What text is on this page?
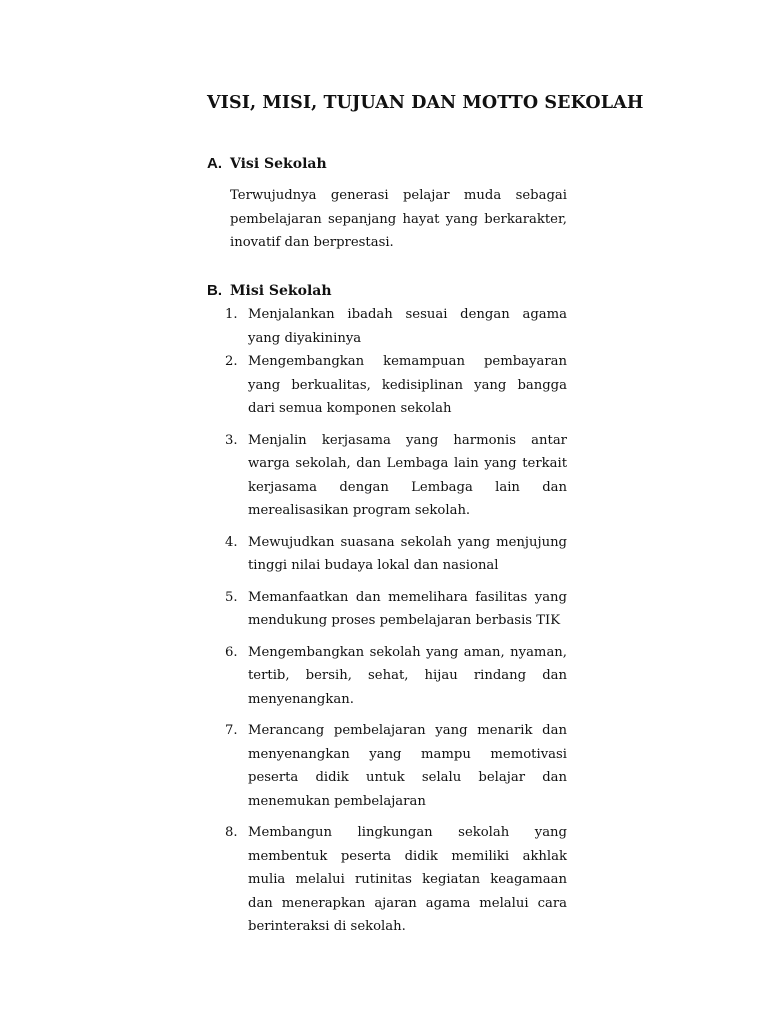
VISI, MISI, TUJUAN DAN MOTTO SEKOLAH
A. Visi Sekolah

Terwujudnya generasi pelajar muda sebagai pembelajaran sepanjang hayat yang berkarakter, inovatif dan berprestasi.

B. Misi Sekolah
1. Menjalankan ibadah sesuai dengan agama yang diyakininya
2. Mengembangkan kemampuan pembayaran yang berkualitas, kedisiplinan yang bangga dari semua komponen sekolah
3. Menjalin kerjasama yang harmonis antar warga sekolah, dan Lembaga lain yang terkait kerjasama dengan Lembaga lain dan merealisasikan program sekolah.
4. Mewujudkan suasana sekolah yang menjujung tinggi nilai budaya lokal dan nasional
5. Memanfaatkan dan memelihara fasilitas yang mendukung proses pembelajaran berbasis TIK
6. Mengembangkan sekolah yang aman, nyaman, tertib, bersih, sehat, hijau rindang dan menyenangkan.
7. Merancang pembelajaran yang menarik dan menyenangkan yang mampu memotivasi peserta didik untuk selalu belajar dan menemukan pembelajaran
8. Membangun lingkungan sekolah yang membentuk peserta didik memiliki akhlak mulia melalui rutinitas kegiatan keagamaan dan menerapkan ajaran agama melalui cara berinteraksi di sekolah.
